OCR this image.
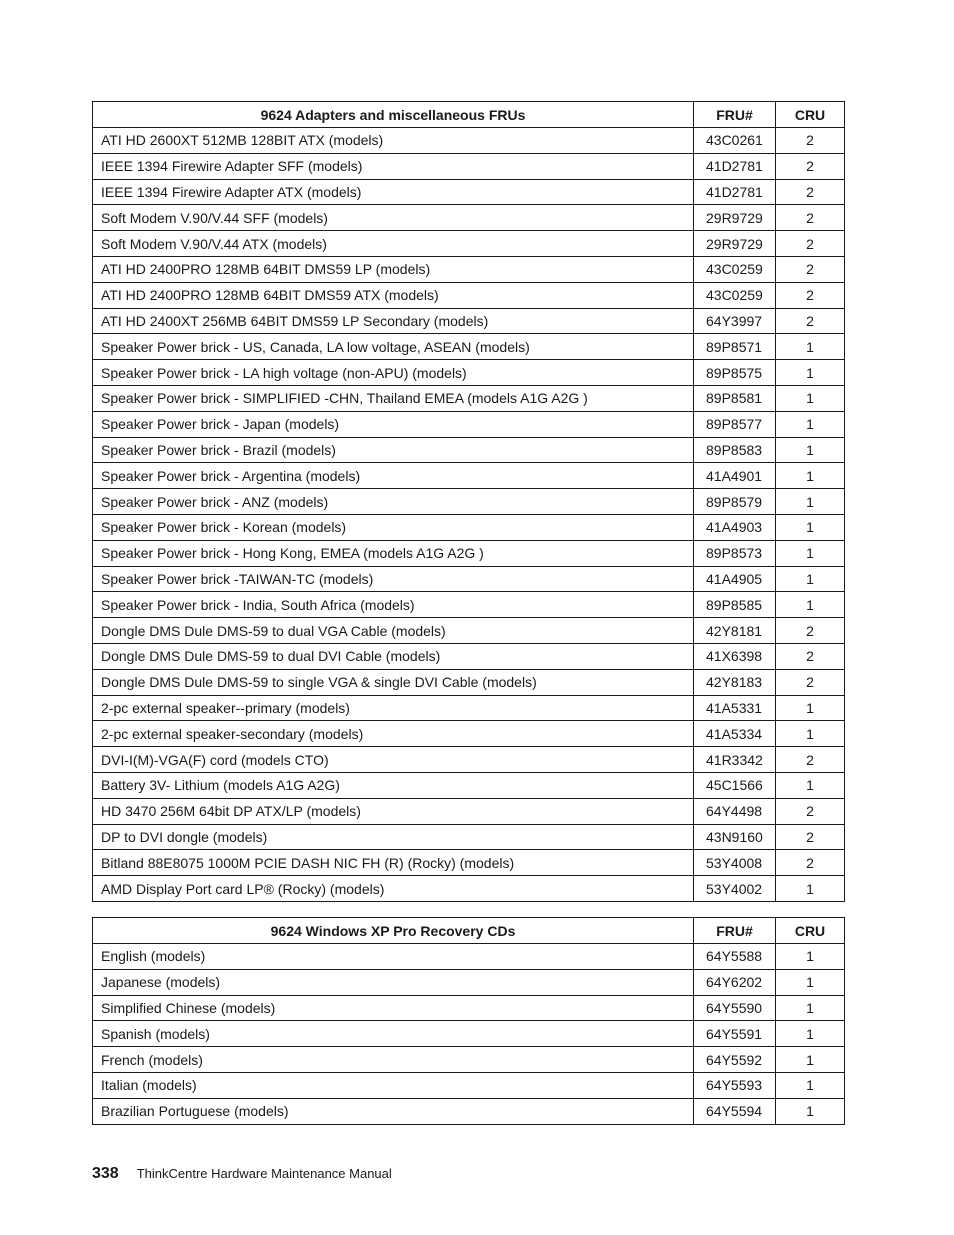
9624 Adapters and miscellaneous FRUs	FRU#	CRU
ATI HD 2600XT 512MB 128BIT ATX (models)	43C0261	2
IEEE 1394 Firewire Adapter SFF (models)	41D2781	2
IEEE 1394 Firewire Adapter ATX (models)	41D2781	2
Soft Modem V.90/V.44 SFF (models)	29R9729	2
Soft Modem V.90/V.44 ATX (models)	29R9729	2
ATI HD 2400PRO 128MB 64BIT DMS59 LP (models)	43C0259	2
ATI HD 2400PRO 128MB 64BIT DMS59 ATX (models)	43C0259	2
ATI HD 2400XT 256MB 64BIT DMS59 LP Secondary (models)	64Y3997	2
Speaker Power brick - US, Canada, LA low voltage, ASEAN (models)	89P8571	1
Speaker Power brick - LA high voltage (non-APU) (models)	89P8575	1
Speaker Power brick - SIMPLIFIED -CHN, Thailand EMEA (models A1G A2G )	89P8581	1
Speaker Power brick - Japan (models)	89P8577	1
Speaker Power brick - Brazil (models)	89P8583	1
Speaker Power brick - Argentina (models)	41A4901	1
Speaker Power brick - ANZ (models)	89P8579	1
Speaker Power brick - Korean (models)	41A4903	1
Speaker Power brick - Hong Kong, EMEA (models A1G A2G )	89P8573	1
Speaker Power brick -TAIWAN-TC (models)	41A4905	1
Speaker Power brick - India, South Africa (models)	89P8585	1
Dongle DMS Dule DMS-59 to dual VGA Cable (models)	42Y8181	2
Dongle DMS Dule DMS-59 to dual DVI Cable (models)	41X6398	2
Dongle DMS Dule DMS-59 to single VGA & single DVI Cable (models)	42Y8183	2
2-pc external speaker--primary (models)	41A5331	1
2-pc external speaker-secondary (models)	41A5334	1
DVI-I(M)-VGA(F) cord (models CTO)	41R3342	2
Battery 3V- Lithium (models A1G A2G)	45C1566	1
HD 3470 256M 64bit DP ATX/LP (models)	64Y4498	2
DP to DVI dongle (models)	43N9160	2
Bitland 88E8075 1000M PCIE DASH NIC FH (R) (Rocky) (models)	53Y4008	2
AMD Display Port card LP® (Rocky) (models)	53Y4002	1
9624 Windows XP Pro Recovery CDs	FRU#	CRU
English (models)	64Y5588	1
Japanese (models)	64Y6202	1
Simplified Chinese (models)	64Y5590	1
Spanish (models)	64Y5591	1
French (models)	64Y5592	1
Italian (models)	64Y5593	1
Brazilian Portuguese (models)	64Y5594	1
338 ThinkCentre Hardware Maintenance Manual
